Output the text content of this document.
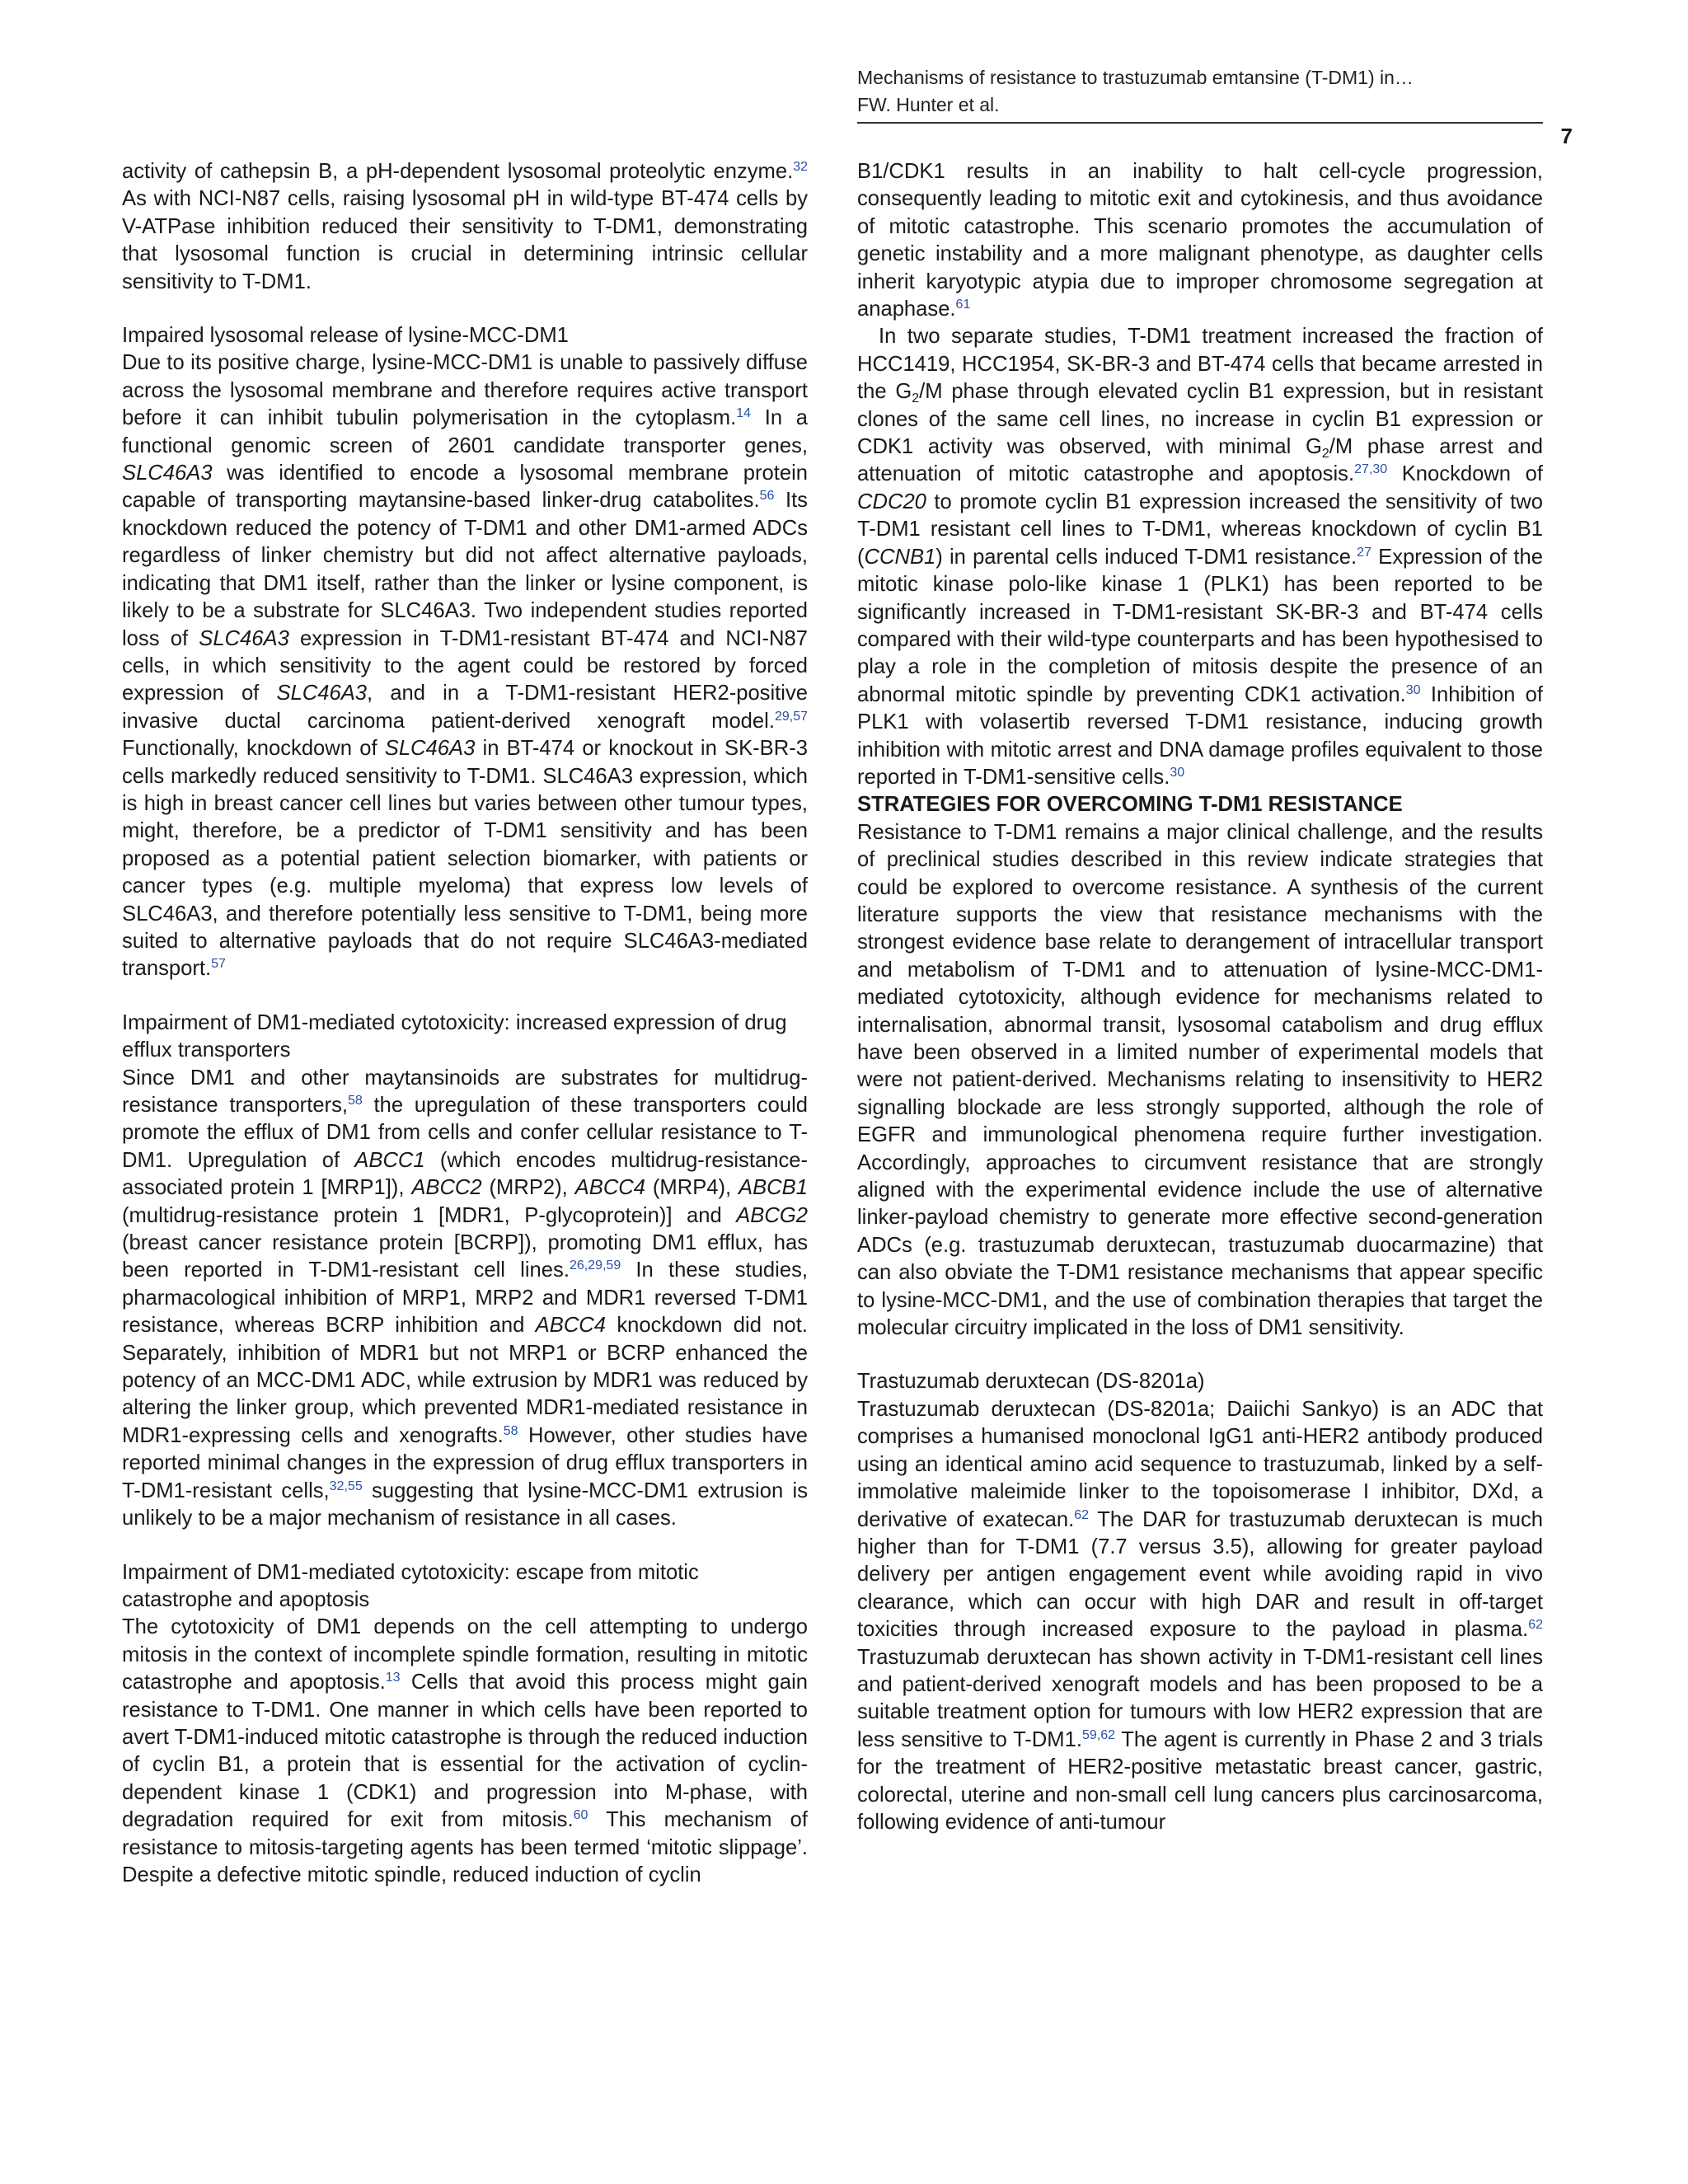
Mechanisms of resistance to trastuzumab emtansine (T-DM1) in…
FW. Hunter et al.
7

activity of cathepsin B, a pH-dependent lysosomal proteolytic enzyme.$^{32}$ As with NCI-N87 cells, raising lysosomal pH in wild-type BT-474 cells by V-ATPase inhibition reduced their sensitivity to T-DM1, demonstrating that lysosomal function is crucial in determining intrinsic cellular sensitivity to T-DM1.

Impaired lysosomal release of lysine-MCC-DM1

Due to its positive charge, lysine-MCC-DM1 is unable to passively diffuse across the lysosomal membrane and therefore requires active transport before it can inhibit tubulin polymerisation in the cytoplasm.$^{14}$ In a functional genomic screen of 2601 candidate transporter genes, SLC46A3 was identified to encode a lysosomal membrane protein capable of transporting maytansine-based linker-drug catabolites.$^{56}$ Its knockdown reduced the potency of T-DM1 and other DM1-armed ADCs regardless of linker chemistry but did not affect alternative payloads, indicating that DM1 itself, rather than the linker or lysine component, is likely to be a substrate for SLC46A3. Two independent studies reported loss of SLC46A3 expression in T-DM1-resistant BT-474 and NCI-N87 cells, in which sensitivity to the agent could be restored by forced expression of SLC46A3, and in a T-DM1-resistant HER2-positive invasive ductal carcinoma patient-derived xenograft model.$^{29,57}$ Functionally, knockdown of SLC46A3 in BT-474 or knockout in SK-BR-3 cells markedly reduced sensitivity to T-DM1. SLC46A3 expression, which is high in breast cancer cell lines but varies between other tumour types, might, therefore, be a predictor of T-DM1 sensitivity and has been proposed as a potential patient selection biomarker, with patients or cancer types (e.g. multiple myeloma) that express low levels of SLC46A3, and therefore potentially less sensitive to T-DM1, being more suited to alternative payloads that do not require SLC46A3-mediated transport.$^{57}$

Impairment of DM1-mediated cytotoxicity: increased expression of drug efflux transporters

Since DM1 and other maytansinoids are substrates for multidrug-resistance transporters,$^{58}$ the upregulation of these transporters could promote the efflux of DM1 from cells and confer cellular resistance to T-DM1. Upregulation of ABCC1 (which encodes multidrug-resistance-associated protein 1 [MRP1]), ABCC2 (MRP2), ABCC4 (MRP4), ABCB1 (multidrug-resistance protein 1 [MDR1, P-glycoprotein)] and ABCG2 (breast cancer resistance protein [BCRP]), promoting DM1 efflux, has been reported in T-DM1-resistant cell lines.$^{26,29,59}$ In these studies, pharmacological inhibition of MRP1, MRP2 and MDR1 reversed T-DM1 resistance, whereas BCRP inhibition and ABCC4 knockdown did not. Separately, inhibition of MDR1 but not MRP1 or BCRP enhanced the potency of an MCC-DM1 ADC, while extrusion by MDR1 was reduced by altering the linker group, which prevented MDR1-mediated resistance in MDR1-expressing cells and xenografts.$^{58}$ However, other studies have reported minimal changes in the expression of drug efflux transporters in T-DM1-resistant cells,$^{32,55}$ suggesting that lysine-MCC-DM1 extrusion is unlikely to be a major mechanism of resistance in all cases.

Impairment of DM1-mediated cytotoxicity: escape from mitotic catastrophe and apoptosis

The cytotoxicity of DM1 depends on the cell attempting to undergo mitosis in the context of incomplete spindle formation, resulting in mitotic catastrophe and apoptosis.$^{13}$ Cells that avoid this process might gain resistance to T-DM1. One manner in which cells have been reported to avert T-DM1-induced mitotic catastrophe is through the reduced induction of cyclin B1, a protein that is essential for the activation of cyclin-dependent kinase 1 (CDK1) and progression into M-phase, with degradation required for exit from mitosis.$^{60}$ This mechanism of resistance to mitosis-targeting agents has been termed ‘mitotic slippage’. Despite a defective mitotic spindle, reduced induction of cyclin

B1/CDK1 results in an inability to halt cell-cycle progression, consequently leading to mitotic exit and cytokinesis, and thus avoidance of mitotic catastrophe. This scenario promotes the accumulation of genetic instability and a more malignant phenotype, as daughter cells inherit karyotypic atypia due to improper chromosome segregation at anaphase.$^{61}$

In two separate studies, T-DM1 treatment increased the fraction of HCC1419, HCC1954, SK-BR-3 and BT-474 cells that became arrested in the $G_2/M$ phase through elevated cyclin B1 expression, but in resistant clones of the same cell lines, no increase in cyclin B1 expression or CDK1 activity was observed, with minimal $G_2/M$ phase arrest and attenuation of mitotic catastrophe and apoptosis.$^{27,30}$ Knockdown of CDC20 to promote cyclin B1 expression increased the sensitivity of two T-DM1 resistant cell lines to T-DM1, whereas knockdown of cyclin B1 (CCNB1) in parental cells induced T-DM1 resistance.$^{27}$ Expression of the mitotic kinase polo-like kinase 1 (PLK1) has been reported to be significantly increased in T-DM1-resistant SK-BR-3 and BT-474 cells compared with their wild-type counterparts and has been hypothesised to play a role in the completion of mitosis despite the presence of an abnormal mitotic spindle by preventing CDK1 activation.$^{30}$ Inhibition of PLK1 with volasertib reversed T-DM1 resistance, inducing growth inhibition with mitotic arrest and DNA damage profiles equivalent to those reported in T-DM1-sensitive cells.$^{30}$

STRATEGIES FOR OVERCOMING T-DM1 RESISTANCE

Resistance to T-DM1 remains a major clinical challenge, and the results of preclinical studies described in this review indicate strategies that could be explored to overcome resistance. A synthesis of the current literature supports the view that resistance mechanisms with the strongest evidence base relate to derangement of intracellular transport and metabolism of T-DM1 and to attenuation of lysine-MCC-DM1-mediated cytotoxicity, although evidence for mechanisms related to internalisation, abnormal transit, lysosomal catabolism and drug efflux have been observed in a limited number of experimental models that were not patient-derived. Mechanisms relating to insensitivity to HER2 signalling blockade are less strongly supported, although the role of EGFR and immunological phenomena require further investigation. Accordingly, approaches to circumvent resistance that are strongly aligned with the experimental evidence include the use of alternative linker-payload chemistry to generate more effective second-generation ADCs (e.g. trastuzumab deruxtecan, trastuzumab duocarmazine) that can also obviate the T-DM1 resistance mechanisms that appear specific to lysine-MCC-DM1, and the use of combination therapies that target the molecular circuitry implicated in the loss of DM1 sensitivity.

Trastuzumab deruxtecan (DS-8201a)

Trastuzumab deruxtecan (DS-8201a; Daiichi Sankyo) is an ADC that comprises a humanised monoclonal IgG1 anti-HER2 antibody produced using an identical amino acid sequence to trastuzumab, linked by a self-immolative maleimide linker to the topoisomerase I inhibitor, DXd, a derivative of exatecan.$^{62}$ The DAR for trastuzumab deruxtecan is much higher than for T-DM1 (7.7 versus 3.5), allowing for greater payload delivery per antigen engagement event while avoiding rapid in vivo clearance, which can occur with high DAR and result in off-target toxicities through increased exposure to the payload in plasma.$^{62}$ Trastuzumab deruxtecan has shown activity in T-DM1-resistant cell lines and patient-derived xenograft models and has been proposed to be a suitable treatment option for tumours with low HER2 expression that are less sensitive to T-DM1.$^{59,62}$ The agent is currently in Phase 2 and 3 trials for the treatment of HER2-positive metastatic breast cancer, gastric, colorectal, uterine and non-small cell lung cancers plus carcinosarcoma, following evidence of anti-tumour
